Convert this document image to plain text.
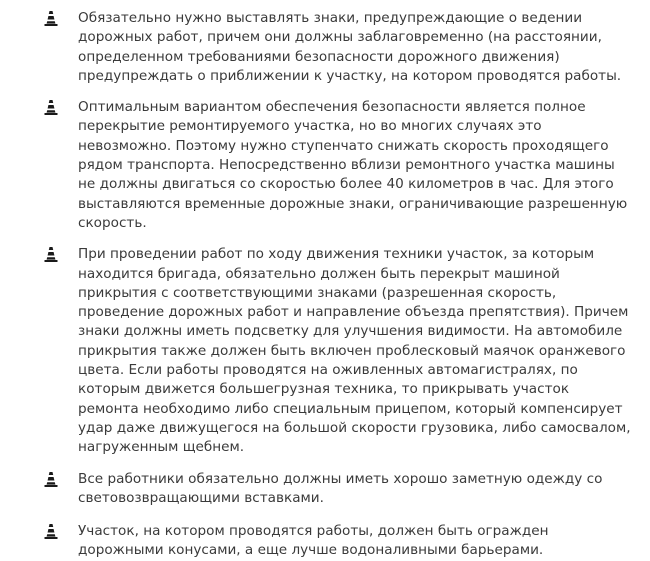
Обязательно нужно выставлять знаки, предупреждающие о ведении дорожных работ, причем они должны заблаговременно (на расстоянии, определенном требованиями безопасности дорожного движения) предупреждать о приближении к участку, на котором проводятся работы.
Оптимальным вариантом обеспечения безопасности является полное перекрытие ремонтируемого участка, но во многих случаях это невозможно. Поэтому нужно ступенчато снижать скорость проходящего рядом транспорта. Непосредственно вблизи ремонтного участка машины не должны двигаться со скоростью более 40 километров в час. Для этого выставляются временные дорожные знаки, ограничивающие разрешенную скорость.
При проведении работ по ходу движения техники участок, за которым находится бригада, обязательно должен быть перекрыт машиной прикрытия с соответствующими знаками (разрешенная скорость, проведение дорожных работ и направление объезда препятствия). Причем знаки должны иметь подсветку для улучшения видимости. На автомобиле прикрытия также должен быть включен проблесковый маячок оранжевого цвета. Если работы проводятся на оживленных автомагистралях, по которым движется большегрузная техника, то прикрывать участок ремонта необходимо либо специальным прицепом, который компенсирует удар даже движущегося на большой скорости грузовика, либо самосвалом, нагруженным щебнем.
Все работники обязательно должны иметь хорошо заметную одежду со световозвращающими вставками.
Участок, на котором проводятся работы, должен быть огражден дорожными конусами, а еще лучше водоналивными барьерами.
